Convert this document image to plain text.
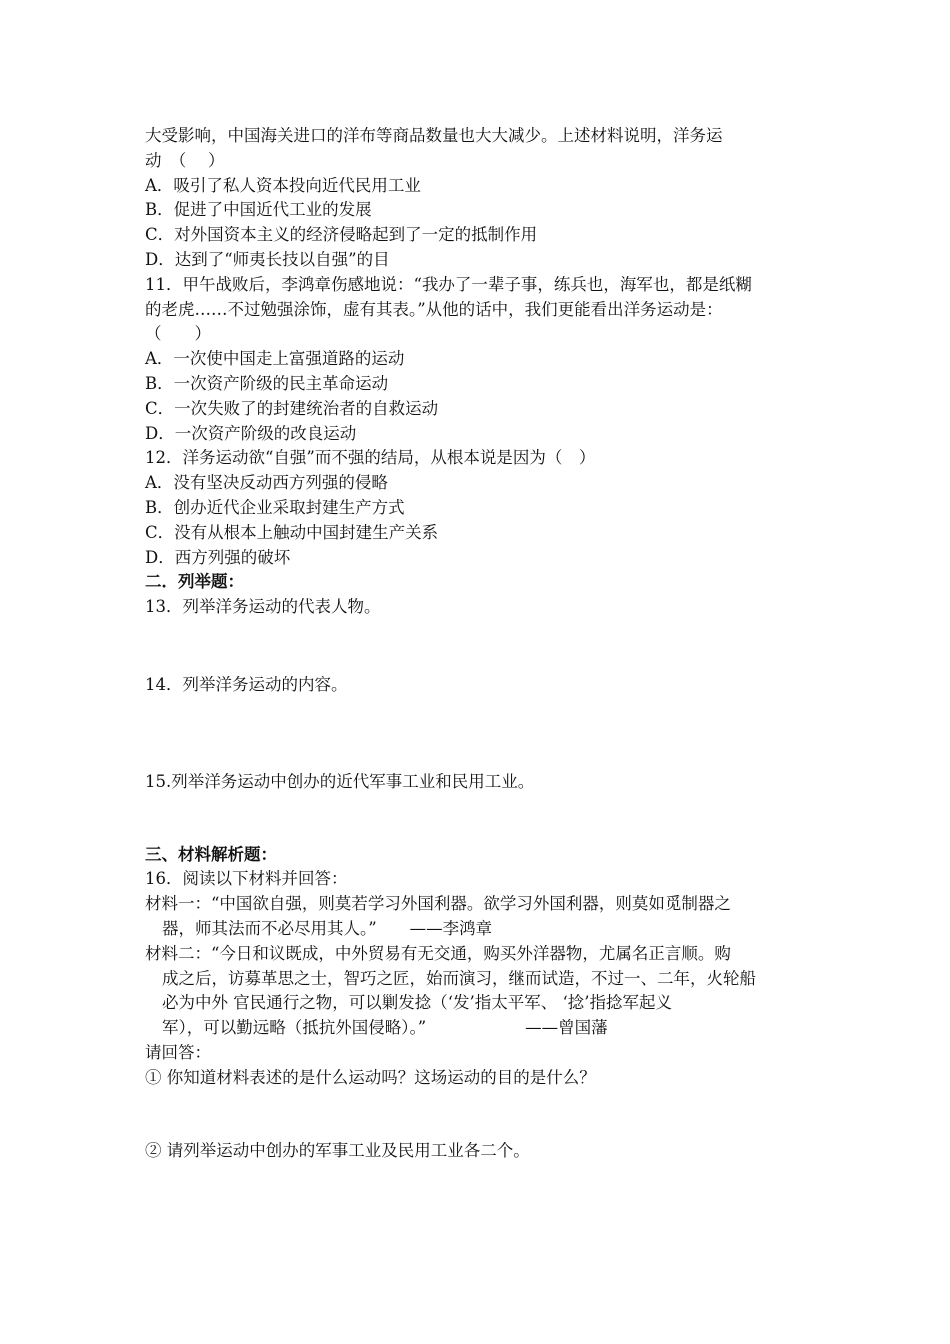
大受影响，中国海关进口的洋布等商品数量也大大减少。上述材料说明，洋务运
动　（　 ）
A．吸引了私人资本投向近代民用工业
B．促进了中国近代工业的发展
C．对外国资本主义的经济侵略起到了一定的抵制作用
D．达到了“师夷长技以自强”的目
11．甲午战败后，李鸿章伤感地说：“我办了一辈子事，练兵也，海军也，都是纸糊
的老虎……不过勉强涂饰，虚有其表。”从他的话中，我们更能看出洋务运动是：
（　　）
A．一次使中国走上富强道路的运动
B．一次资产阶级的民主革命运动
C．一次失败了的封建统治者的自救运动
D．一次资产阶级的改良运动
12．洋务运动欲“自强”而不强的结局，从根本说是因为（　）
A．没有坚决反动西方列强的侵略
B．创办近代企业采取封建生产方式
C．没有从根本上触动中国封建生产关系
D．西方列强的破坏
二．列举题：
13．列举洋务运动的代表人物。
14．列举洋务运动的内容。
15.列举洋务运动中创办的近代军事工业和民用工业。
三、材料解析题：
16．阅读以下材料并回答：
材料一：“中国欲自强，则莫若学习外国利器。欲学习外国利器，则莫如觅制器之
器，师其法而不必尽用其人。”　　——李鸿章
材料二：“今日和议既成，中外贸易有无交通，购买外洋器物，尤属名正言顺。购
成之后，访募革思之士，智巧之匠，始而演习，继而试造，不过一、二年，火轮船
必为中外 官民通行之物，可以剿发捻（‘发’指太平军、 ‘捻’指捻军起义
军），可以勤远略（抵抗外国侵略）。”　　　　　　——曾国藩
请回答：
① 你知道材料表述的是什么运动吗？这场运动的目的是什么？
② 请列举运动中创办的军事工业及民用工业各二个。
